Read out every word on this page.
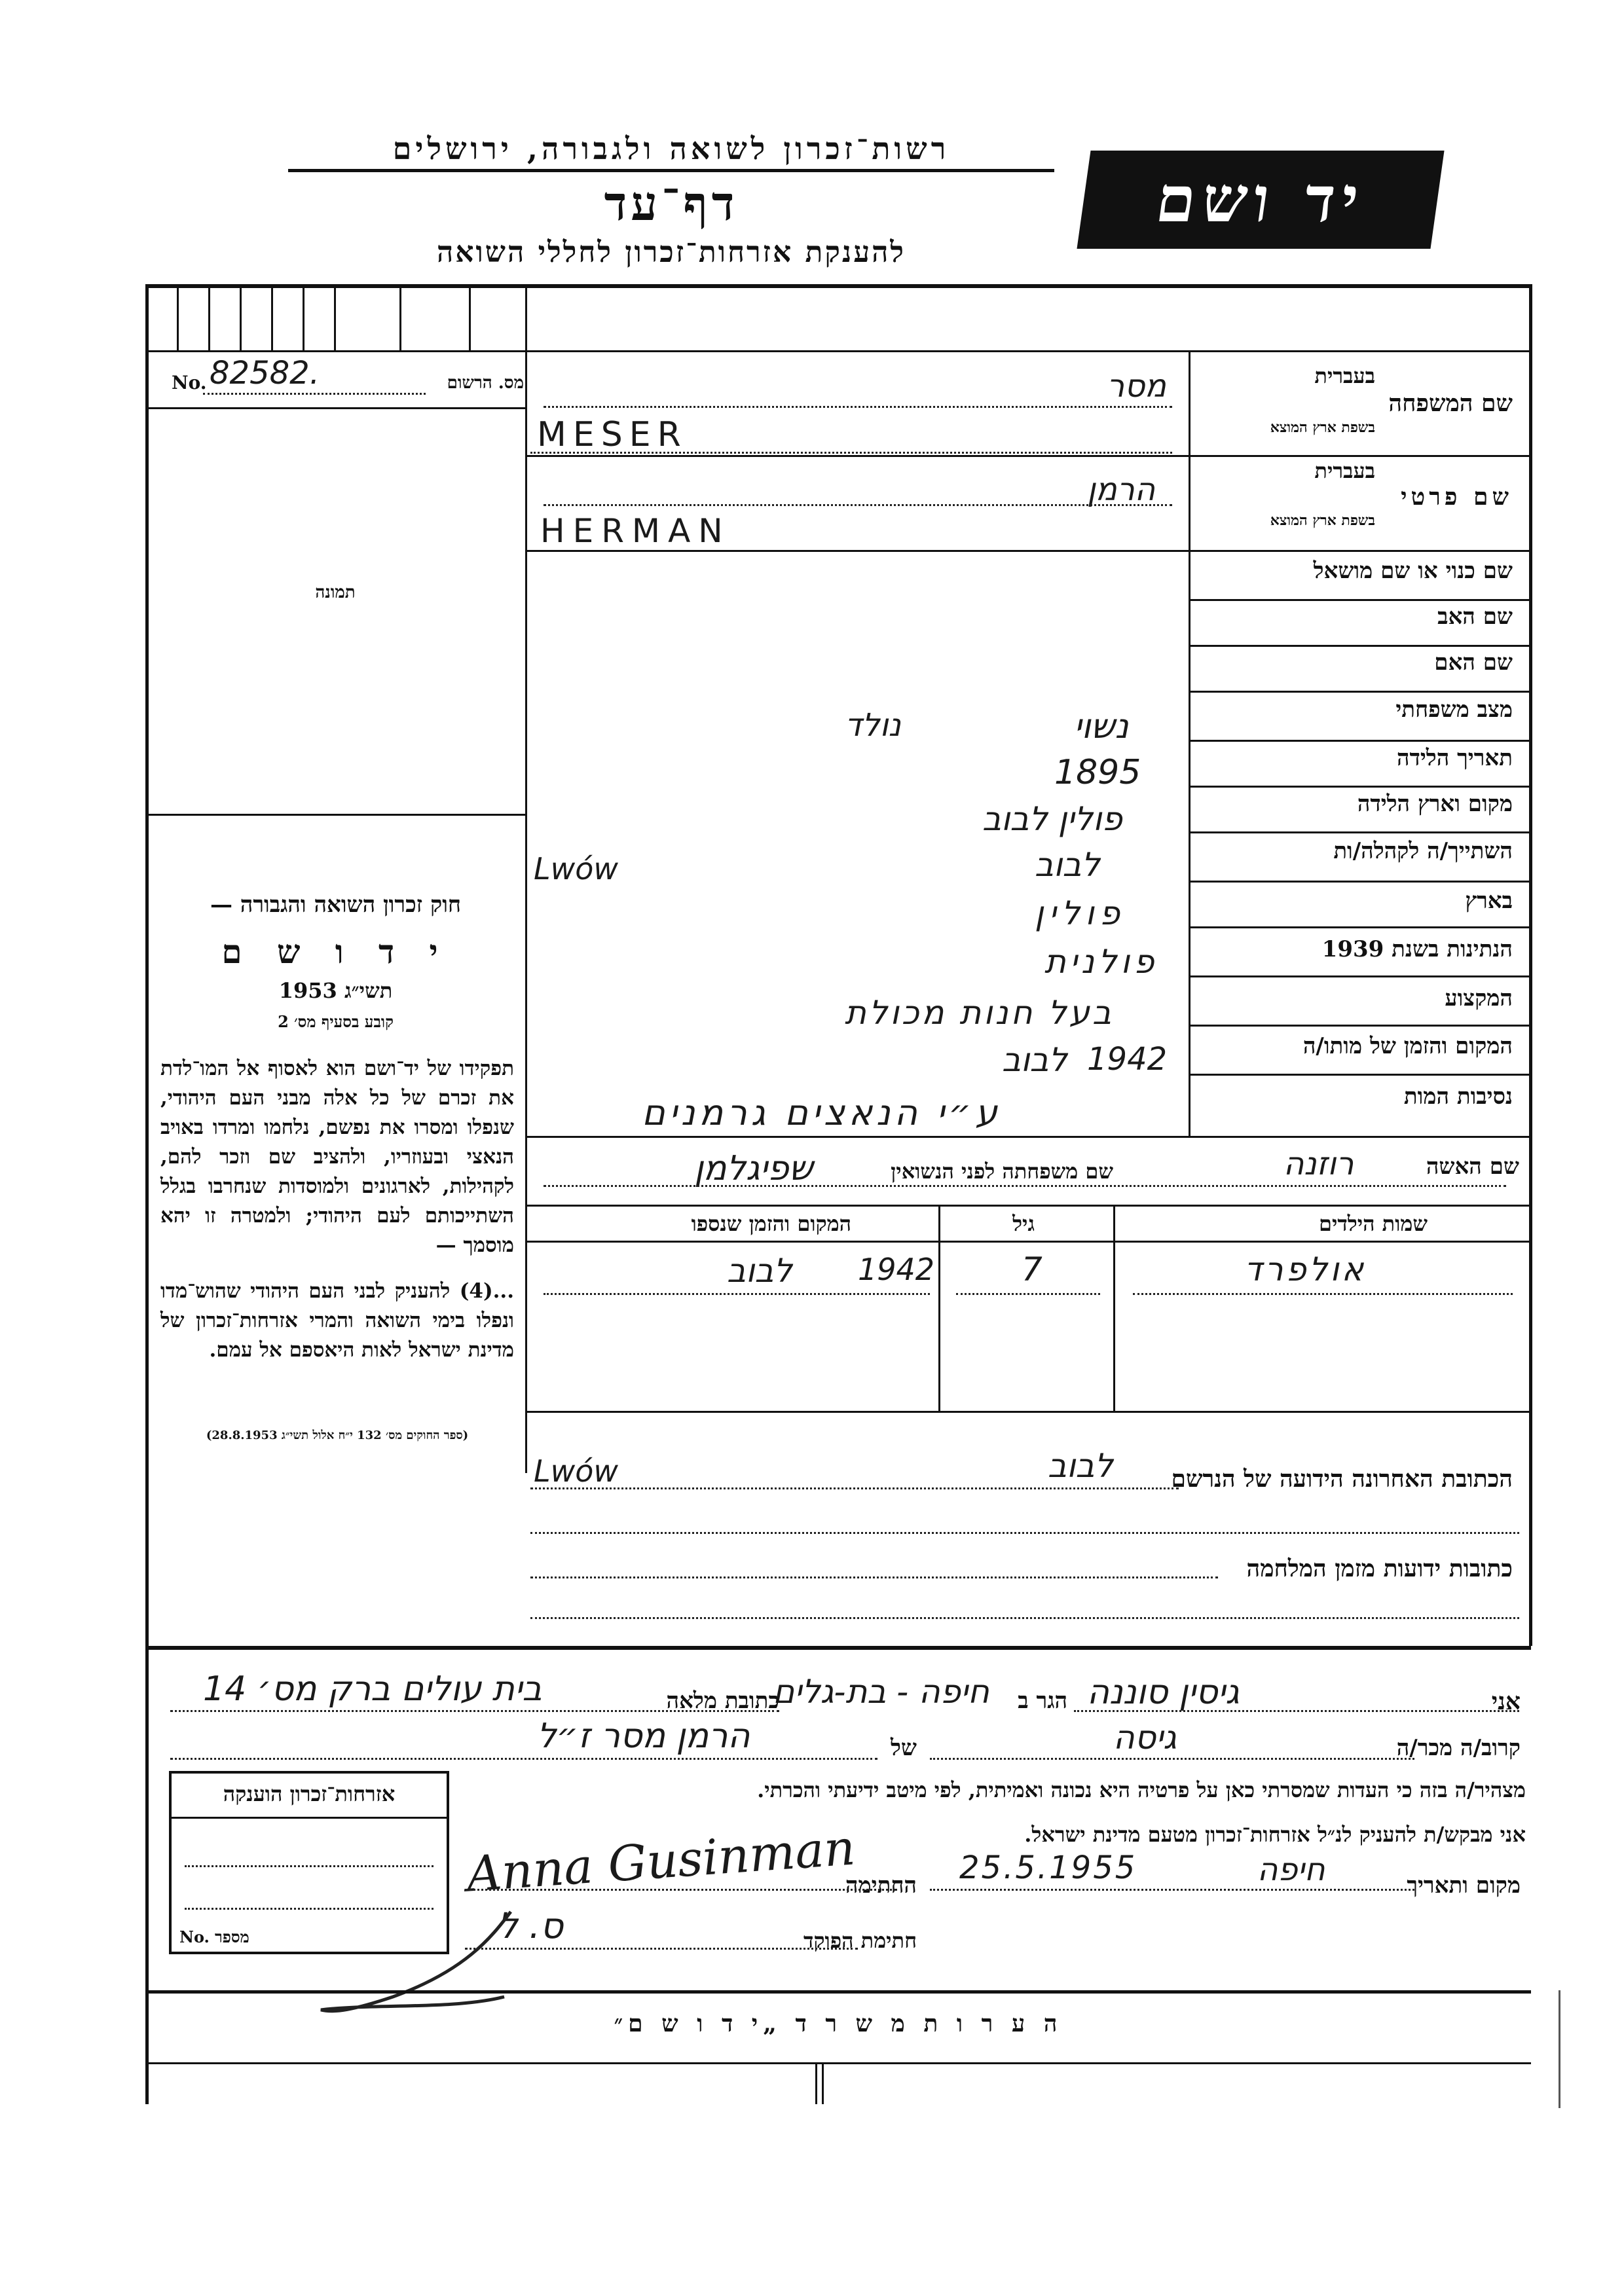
רשות־זכרון לשואה ולגבורה, ירושלים
דף־עד
להענקת אזרחות־זכרון לחללי השואה
יד ושם
No. 82582.	מס. הרשום
תמונה
חוק זכרון השואה והגבורה —
י ד ו ש ם
תשי״ג 1953
קובע בסעיף מס׳ 2
תפקידו של יד־ושם הוא לאסוף אל המו־לדת את זכרם של כל אלה מבני העם היהודי, שנפלו ומסרו את נפשם, נלחמו ומרדו באויב הנאצי ובעוזריו, ולהציב שם וזכר להם, לקהילות, לארגונים ולמוסדות שנחרבו בגלל השתייכותם לעם היהודי; ולמטרה זו יהא מוסמך —
...(4) להעניק לבני העם היהודי שהוש־מדו ונפלו בימי השואה והמרי אזרחות־זכרון של מדינת ישראל לאות היאספם אל עמם.
(ספר החוקים מס׳ 132 י״ח אלול תשי״ג 28.8.1953)
שם המשפחה
בעברית
בשפת ארץ המוצא
מסר
MESER
שם פרטי
בעברית
בשפת ארץ המוצא
הרמן
HERMAN
שם כנוי או שם מושאל
שם האב
שם האם
מצב משפחתי
נשוי
נולד
תאריך הלידה
1895
מקום וארץ הלידה
פולין לבוב
השתייך/ה לקהלה/ות
לבוב
Lwów
בארץ
פולין
הנתינות בשנת 1939
פולנית
המקצוע
בעל חנות מכולת
המקום והזמן של מותו/ה
1942
לבוב
נסיבות המות
ע״י הנאצים גרמנים
שם האשה
רוזנה
שם משפחתה לפני הנשואין
שפיגלמן
שמות הילדים
גיל
המקום והזמן שנספו
אולפרד
7
1942
לבוב
הכתובת האחרונה הידועה של הנרשם
לבוב
Lwów
כתובות ידועות מזמן המלחמה
אני
גיסין סוננה
הגר ב
חיפה - בת-גלים
כתובת מלאה
בית עולים ברק מס׳ 14
קרוב/ה מכר/ה
גיסה
של
הרמן מסר ז״ל
מצהיר/ה בזה כי העדות שמסרתי כאן על פרטיה היא נכונה ואמיתית, לפי מיטב ידיעתי והכרתי.
אני מבקש/ת להעניק לנ״ל אזרחות־זכרון מטעם מדינת ישראל.
מקום ותאריך
חיפה
25.5.1955
החתימה
Anna Gusinman
חתימת הפוקד
ס. ל
אזרחות־זכרון הוענקה
No. מספר
ה ע ר ו ת מ ש ר ד „י ד ו ש ם״
